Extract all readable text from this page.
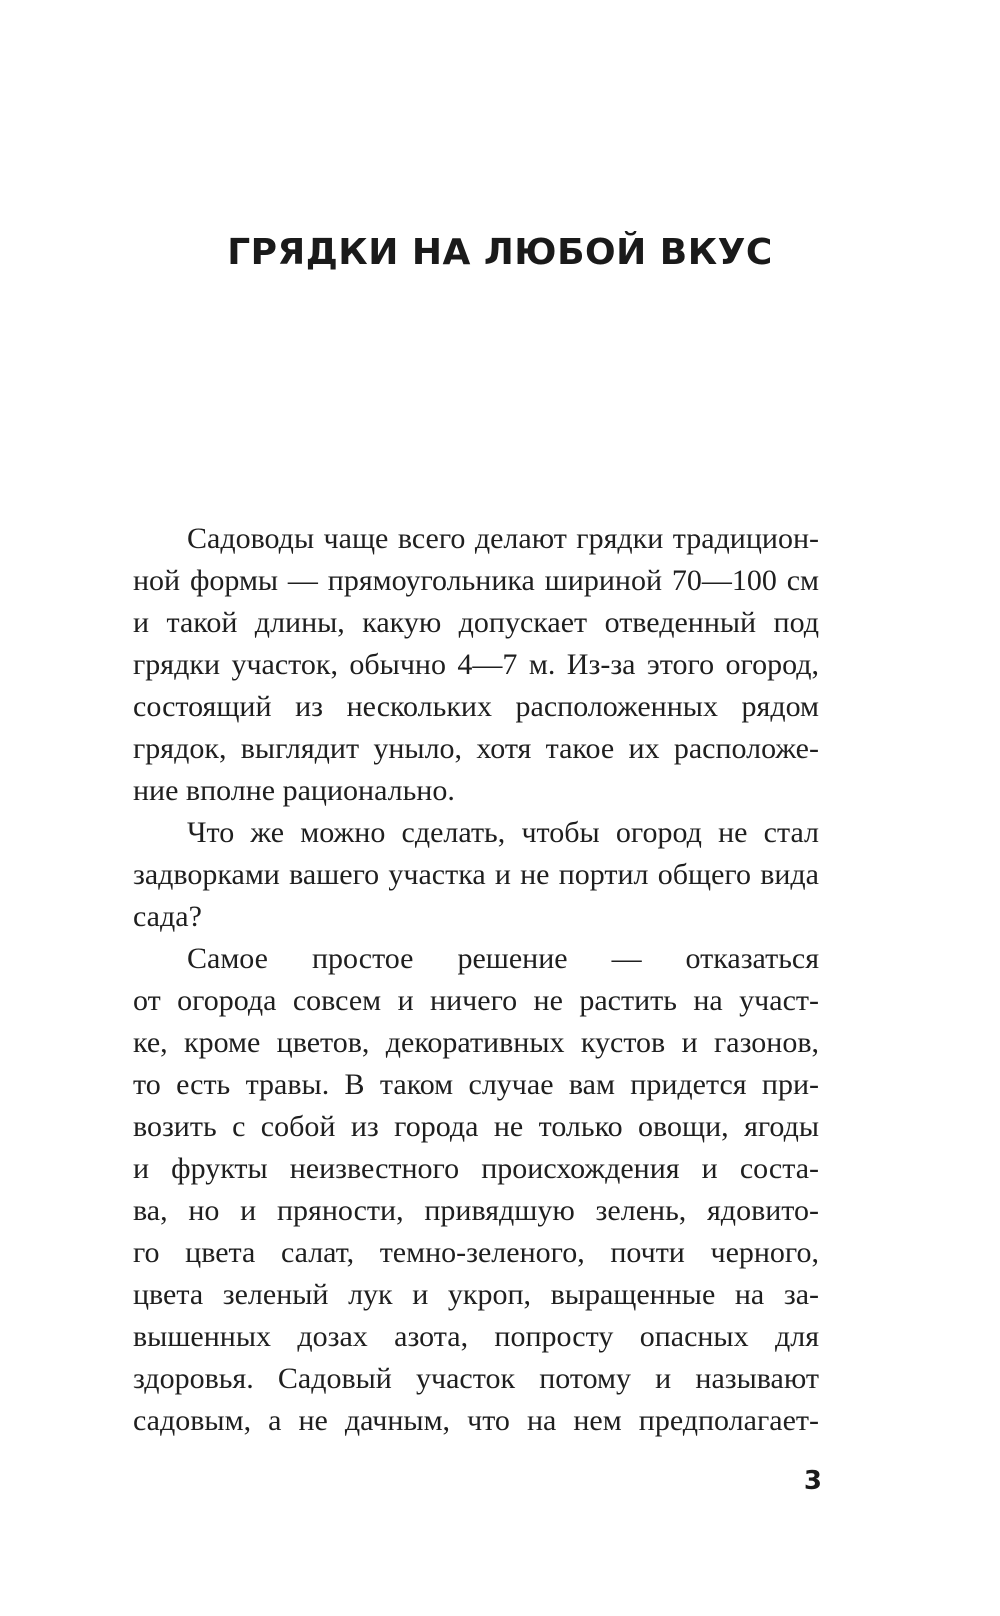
ГРЯДКИ НА ЛЮБОЙ ВКУС
Садоводы чаще всего делают грядки традицион-
ной формы — прямоугольника шириной 70—100 см
и такой длины, какую допускает отведенный под
грядки участок, обычно 4—7 м. Из-за этого огород,
состоящий из нескольких расположенных рядом
грядок, выглядит уныло, хотя такое их расположе-
ние вполне рационально.
Что же можно сделать, чтобы огород не стал
задворками вашего участка и не портил общего вида
сада?
Самое простое решение — отказаться
от огорода совсем и ничего не растить на участ-
ке, кроме цветов, декоративных кустов и газонов,
то есть травы. В таком случае вам придется при-
возить с собой из города не только овощи, ягоды
и фрукты неизвестного происхождения и соста-
ва, но и пряности, привядшую зелень, ядовито-
го цвета салат, темно-зеленого, почти черного,
цвета зеленый лук и укроп, выращенные на за-
вышенных дозах азота, попросту опасных для
здоровья. Садовый участок потому и называют
садовым, а не дачным, что на нем предполагает-

3
